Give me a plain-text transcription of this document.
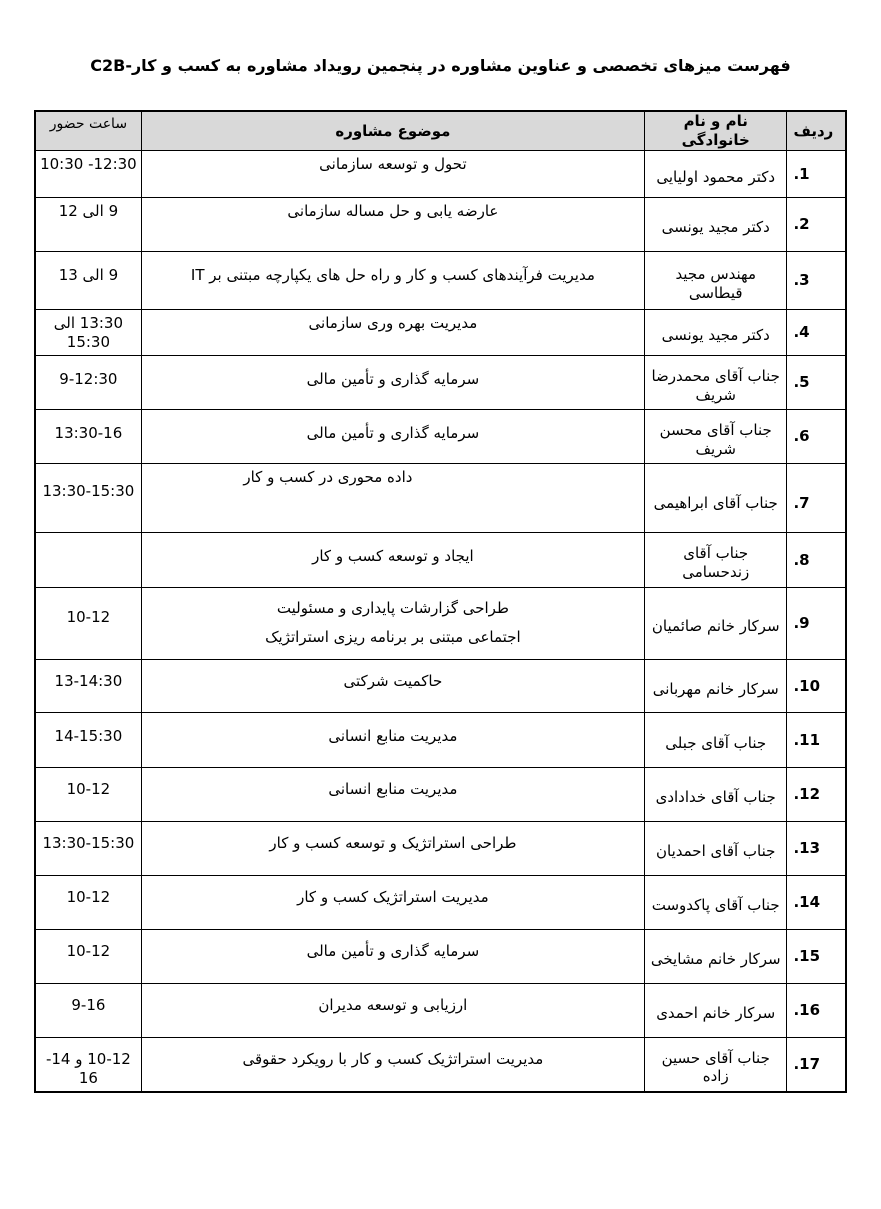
فهرست میزهای تخصصی و عناوین مشاوره در پنجمین رویداد مشاوره به کسب و کار-C2B
ردیف	نام و نام خانوادگی	موضوع مشاوره	ساعت حضور
1.	دکتر محمود اولیایی	تحول و توسعه سازمانی	10:30 -12:30
2.	دکتر مجید یونسی	عارضه یابی و حل مساله سازمانی	9 الی 12
3.	مهندس مجید قیطاسی	مدیریت فرآیندهای کسب و کار و راه حل های یکپارچه مبتنی بر IT	9 الی 13
4.	دکتر مجید یونسی	مدیریت بهره وری سازمانی	13:30 الی 15:30
5.	جناب آقای محمدرضا شریف	سرمایه گذاری و تأمین مالی	9-12:30
6.	جناب آقای محسن شریف	سرمایه گذاری و تأمین مالی	13:30-16
7.	جناب آقای ابراهیمی	داده محوری در کسب و کار	13:30-15:30
8.	جناب آقای زندحسامی	ایجاد و توسعه کسب و کار	
9.	سرکار خانم صائمیان	طراحی گزارشات پایداری و مسئولیت اجتماعی مبتنی بر برنامه ریزی استراتژیک	10-12
10.	سرکار خانم مهربانی	حاکمیت شرکتی	13-14:30
11.	جناب آقای جبلی	مدیریت منابع انسانی	14-15:30
12.	جناب آقای خدادادی	مدیریت منابع انسانی	10-12
13.	جناب آقای احمدیان	طراحی استراتژیک و توسعه کسب و کار	13:30-15:30
14.	جناب آقای پاکدوست	مدیریت استراتژیک کسب و کار	10-12
15.	سرکار خانم مشایخی	سرمایه گذاری و تأمین مالی	10-12
16.	سرکار خانم احمدی	ارزیابی و توسعه مدیران	9-16
17.	جناب آقای حسین زاده	مدیریت استراتژیک کسب و کار با رویکرد حقوقی	10-12 و 14-16
